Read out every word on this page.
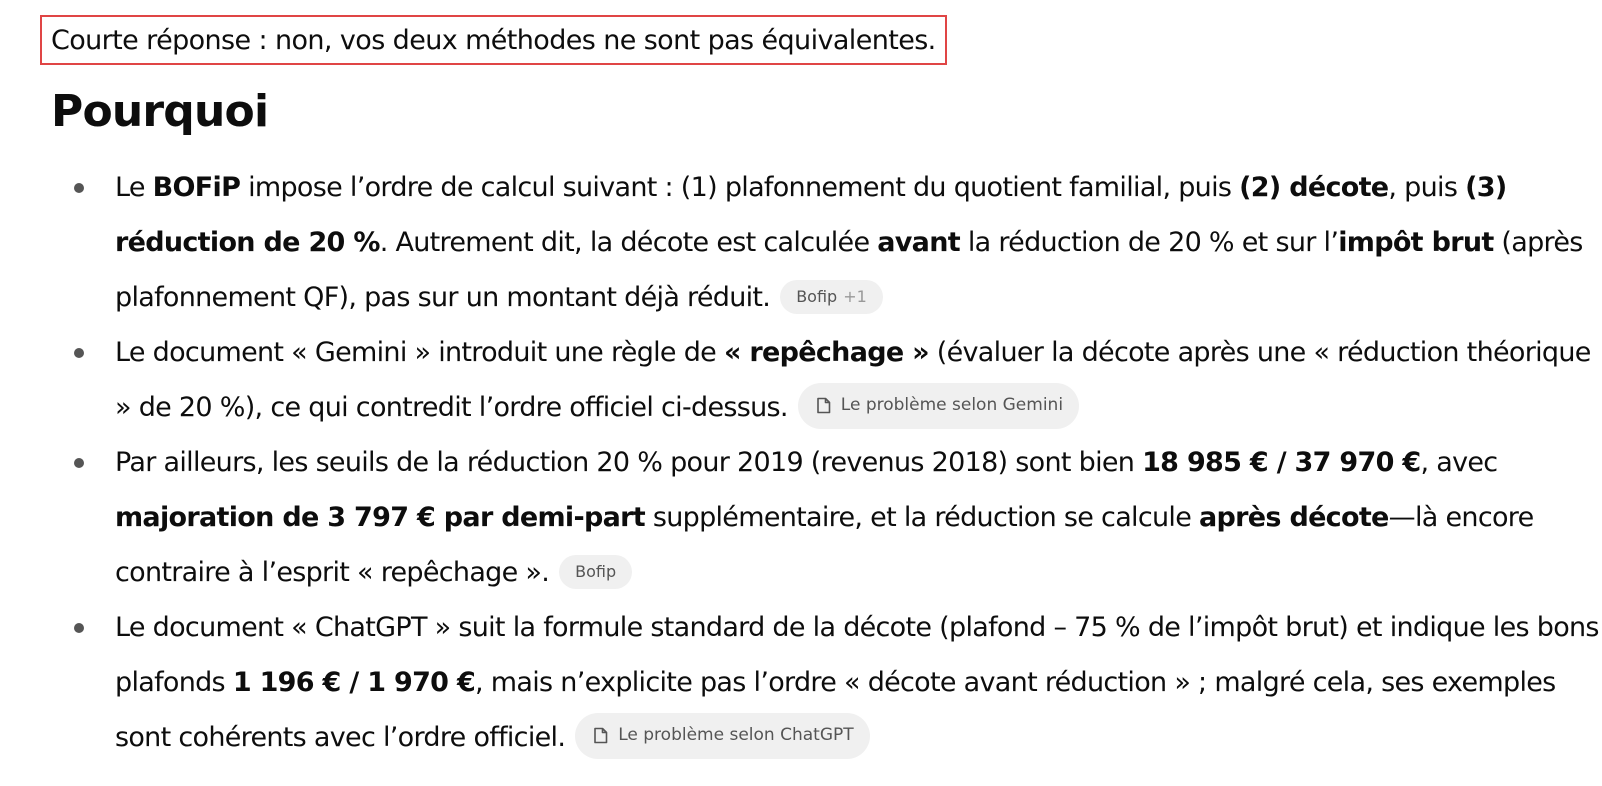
Courte réponse : non, vos deux méthodes ne sont pas équivalentes.
Pourquoi
Le BOFiP impose l’ordre de calcul suivant : (1) plafonnement du quotient familial, puis (2) décote, puis (3) réduction de 20 %. Autrement dit, la décote est calculée avant la réduction de 20 % et sur l’impôt brut (après plafonnement QF), pas sur un montant déjà réduit. Bofip +1
Le document « Gemini » introduit une règle de « repêchage » (évaluer la décote après une « réduction théorique » de 20 %), ce qui contredit l’ordre officiel ci-dessus.	Le problème selon Gemini
Par ailleurs, les seuils de la réduction 20 % pour 2019 (revenus 2018) sont bien 18 985 € / 37 970 €, avec majoration de 3 797 € par demi-part supplémentaire, et la réduction se calcule après décote—là encore contraire à l’esprit « repêchage ». Bofip
Le document « ChatGPT » suit la formule standard de la décote (plafond – 75 % de l’impôt brut) et indique les bons plafonds 1 196 € / 1 970 €, mais n’explicite pas l’ordre « décote avant réduction » ; malgré cela, ses exemples sont cohérents avec l’ordre officiel.	Le problème selon ChatGPT
